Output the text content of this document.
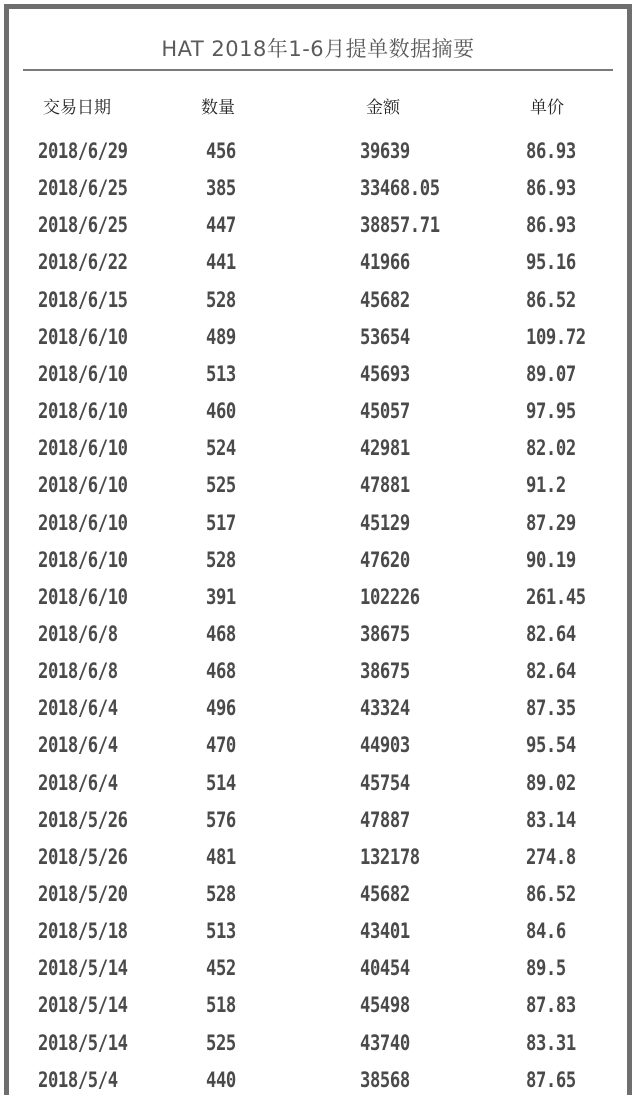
HAT 2018年1-6月提单数据摘要
交易日期	数量	金额	单价
2018/6/29	456	39639	86.93
2018/6/25	385	33468.05	86.93
2018/6/25	447	38857.71	86.93
2018/6/22	441	41966	95.16
2018/6/15	528	45682	86.52
2018/6/10	489	53654	109.72
2018/6/10	513	45693	89.07
2018/6/10	460	45057	97.95
2018/6/10	524	42981	82.02
2018/6/10	525	47881	91.2
2018/6/10	517	45129	87.29
2018/6/10	528	47620	90.19
2018/6/10	391	102226	261.45
2018/6/8	468	38675	82.64
2018/6/8	468	38675	82.64
2018/6/4	496	43324	87.35
2018/6/4	470	44903	95.54
2018/6/4	514	45754	89.02
2018/5/26	576	47887	83.14
2018/5/26	481	132178	274.8
2018/5/20	528	45682	86.52
2018/5/18	513	43401	84.6
2018/5/14	452	40454	89.5
2018/5/14	518	45498	87.83
2018/5/14	525	43740	83.31
2018/5/4	440	38568	87.65
